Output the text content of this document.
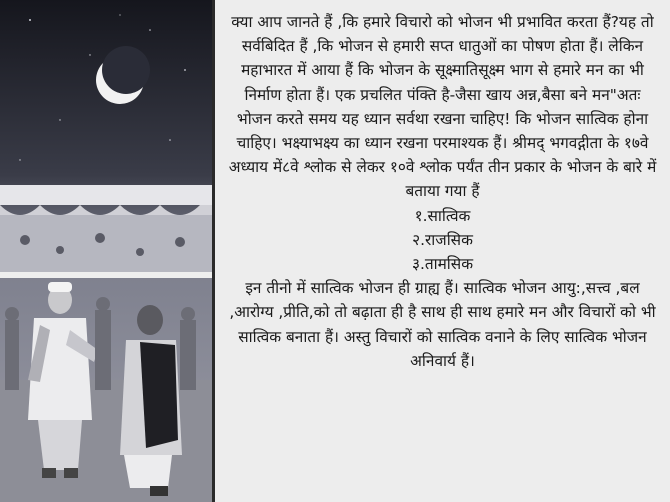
क्या आप जानते हैं ,कि हमारे विचारो को भोजन भी प्रभावित करता हैं?यह तो सर्वबिदित हैं ,कि भोजन से हमारी सप्त धातुओं का पोषण होता हैं। लेकिन महाभारत में आया हैं कि भोजन के सूक्ष्मातिसूक्ष्म भाग से हमारे मन का भी निर्माण होता हैं। एक प्रचलित पंक्ति है-जैसा खाय अन्न,बैसा बने मन"अतः भोजन करते समय यह ध्यान सर्वथा रखना चाहिए! कि भोजन सात्विक होना चाहिए। भक्ष्याभक्ष्य का ध्यान रखना परमाश्यक हैं। श्रीमद् भगवद्गीता के १७वे अध्याय में८वे श्लोक से लेकर १०वे श्लोक पर्यंत तीन प्रकार के भोजन के बारे में बताया गया हैं

१.सात्विक

२.राजसिक

३.तामसिक

इन तीनो में सात्विक भोजन ही ग्राह्य हैं। सात्विक भोजन आयु:,सत्त्व ,बल ,आरोग्य ,प्रीति,को तो बढ़ाता ही है साथ ही साथ हमारे मन और विचारों को भी सात्विक बनाता हैं। अस्तु विचारों को सात्विक वनाने के लिए सात्विक भोजन अनिवार्य हैं।
